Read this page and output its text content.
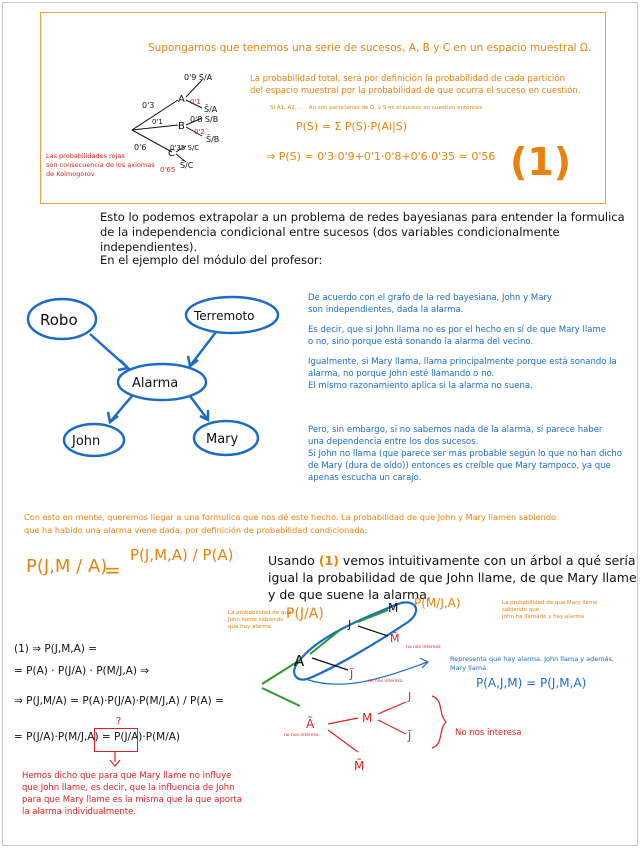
Supongamos que tenemos una serie de sucesos, A, B y C en un espacio muestral Ω.

La probabilidad total, será por definición la probabilidad de cada partición

del espacio muestral por la probabilidad de que ocurra el suceso en cuestión.

Si A1, A2, ... , An son particiones de Ω, y S es el suceso en cuestion entonces
P(S) = Σ P(S)·P(Ai|S)
⇒ P(S) = 0'3·0'9+0'1·0'8+0'6·0'35 = 0'56 (1)

Las probabilidades rojas

son consecuencia de los axiomas

de Kolmogorov

0'3
0'1
0'6
A
B
C
0'9 S/A
0'1
S̄/A
0'8 S/B
0'2
S̄/B
0'35 S/C
0'65 S̄/C

Esto lo podemos extrapolar a un problema de redes bayesianas para entender la formulica

de la independencia condicional entre sucesos (dos variables condicionalmente independientes).

En el ejemplo del módulo del profesor:
Robo	Terremoto
Alarma
John	Mary

De acuerdo con el grafo de la red bayesiana, John y Mary

son independientes, dada la alarma.

Es decir, que si John llama no es por el hecho en sí de que Mary llame

o no, sino porque está sonando la alarma del vecino.

Igualmente, si Mary llama, llama principalmente porque está sonando la

alarma, no porque John esté llamando o no.

El mismo razonamiento aplica si la alarma no suena.

Pero, sin embargo, si no sabemos nada de la alarma, sí parece haber

una dependencia entre los dos sucesos.

Si John no llama (que parece ser más probable según lo que no han dicho

de Mary (dura de oído)) entonces es creíble que Mary tampoco, ya que

apenas escucha un carajo.

Con esto en mente, queremos llegar a una formulica que nos dé este hecho. La probabilidad de que John y Mary llamen sabiendo

que ha habido una alarma viene dada, por definición de probabilidad condicionada:

P(J,M / A)
=
P(J,M,A) / P(A)	Usando (1) vemos intuitivamente con un árbol a qué sería

igual la probabilidad de que John llame, de que Mary llame

y de que suene la alarma.

(1) ⇒ P(J,M,A) =

= P(A) · P(J/A) · P(M/J,A) ⇒

⇒ P(J,M/A) = P(A)·P(J/A)·P(M/J,A) / P(A) =

= P(J/A)·P(M/J,A) = P(J/A)·P(M/A)

?

Hemos dicho que para que Mary llame no influye

que John llame, es decir, que la influencia de John

para que Mary llame es la misma que la que aporta

la alarma individualmente.

La probabilidad de que

John llame sabiendo

que hay alarma

P(J/A)
P(M/J,A)	La probabilidad de que Mary llame sabiendo que

John ha llamado y hay alarma

A
J
M
M̄
J̄
Ā	M
M̄
J
J̄
no nos interesa
no nos interesa
no nos interesa

Representa que hay alarma, John llama y además,

Mary llama.

P(A,J,M) = P(J,M,A)
No nos interesa
